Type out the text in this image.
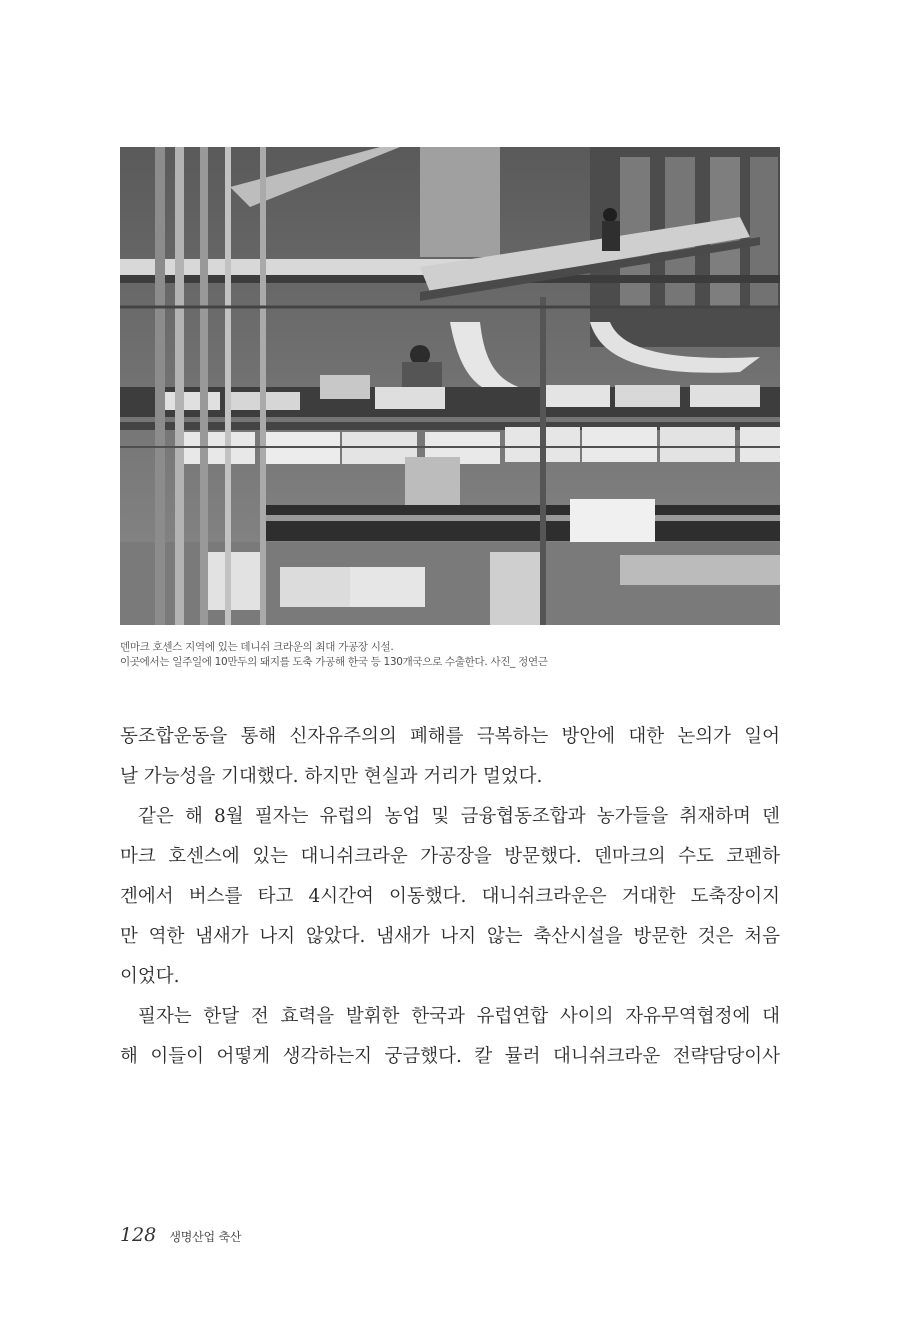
덴마크 호센스 지역에 있는 데니쉬 크라운의 최대 가공장 시설.
이곳에서는 일주일에 10만두의 돼지를 도축 가공해 한국 등 130개국으로 수출한다. 사진_ 정연근
동조합운동을 통해 신자유주의의 폐해를 극복하는 방안에 대한 논의가 일어
날 가능성을 기대했다. 하지만 현실과 거리가 멀었다.
같은 해 8월 필자는 유럽의 농업 및 금융협동조합과 농가들을 취재하며 덴
마크 호센스에 있는 대니쉬크라운 가공장을 방문했다. 덴마크의 수도 코펜하
겐에서 버스를 타고 4시간여 이동했다. 대니쉬크라운은 거대한 도축장이지
만 역한 냄새가 나지 않았다. 냄새가 나지 않는 축산시설을 방문한 것은 처음
이었다.
필자는 한달 전 효력을 발휘한 한국과 유럽연합 사이의 자유무역협정에 대
해 이들이 어떻게 생각하는지 궁금했다. 칼 뮬러 대니쉬크라운 전략담당이사
128 생명산업 축산
